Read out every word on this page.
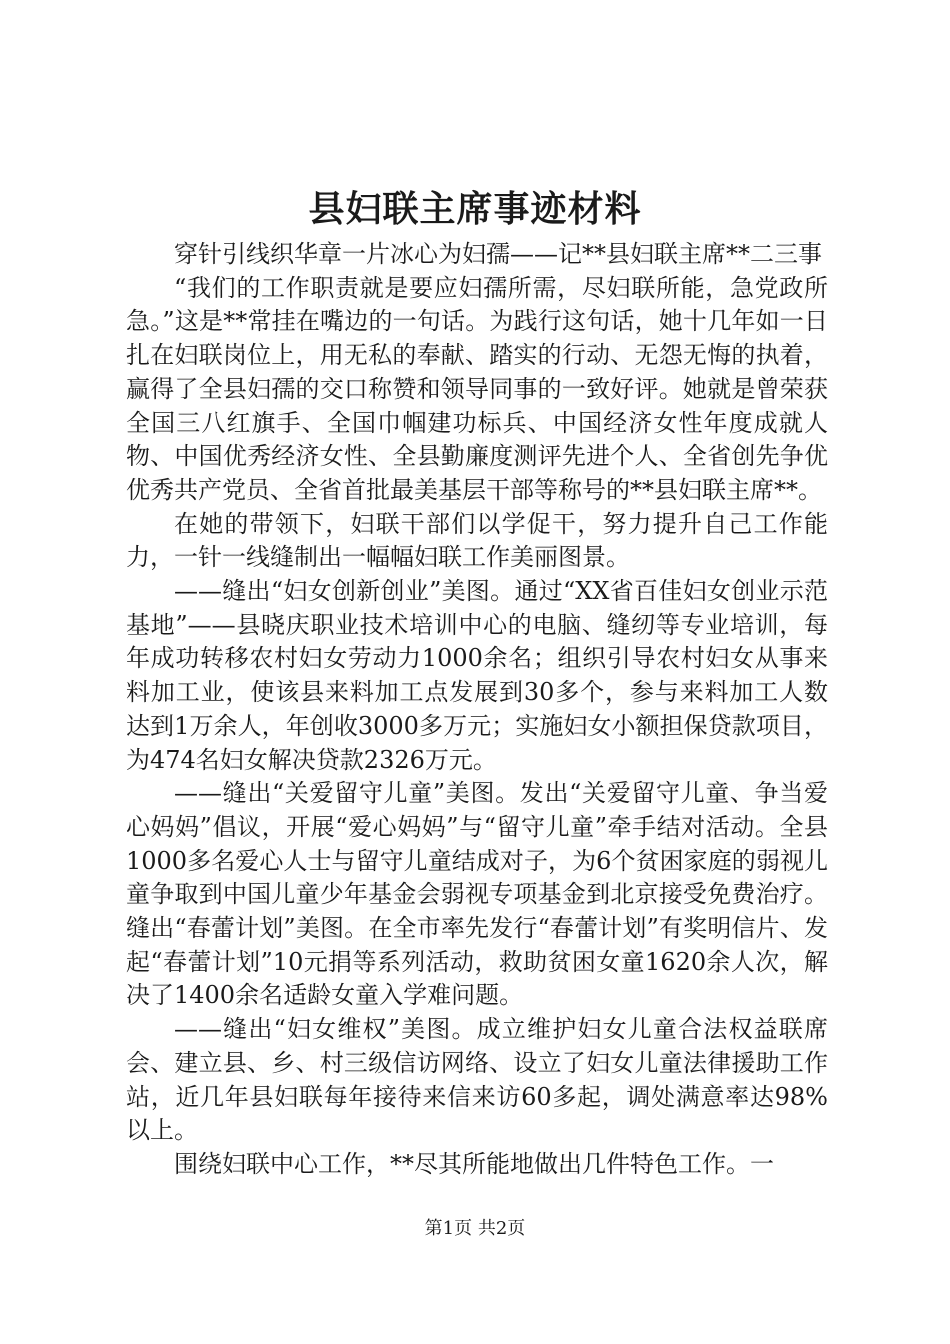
县妇联主席事迹材料

穿针引线织华章一片冰心为妇孺——记**县妇联主席**二三事

“我们的工作职责就是要应妇孺所需，尽妇联所能，急党政所急。”这是**常挂在嘴边的一句话。为践行这句话，她十几年如一日扎在妇联岗位上，用无私的奉献、踏实的行动、无怨无悔的执着，赢得了全县妇孺的交口称赞和领导同事的一致好评。她就是曾荣获全国三八红旗手、全国巾帼建功标兵、中国经济女性年度成就人物、中国优秀经济女性、全县勤廉度测评先进个人、全省创先争优优秀共产党员、全省首批最美基层干部等称号的**县妇联主席**。

在她的带领下，妇联干部们以学促干，努力提升自己工作能力，一针一线缝制出一幅幅妇联工作美丽图景。

——缝出“妇女创新创业”美图。通过“XX省百佳妇女创业示范基地”——县晓庆职业技术培训中心的电脑、缝纫等专业培训，每年成功转移农村妇女劳动力1000余名；组织引导农村妇女从事来料加工业，使该县来料加工点发展到30多个，参与来料加工人数达到1万余人，年创收3000多万元；实施妇女小额担保贷款项目，为474名妇女解决贷款2326万元。

——缝出“关爱留守儿童”美图。发出“关爱留守儿童、争当爱心妈妈”倡议，开展“爱心妈妈”与“留守儿童”牵手结对活动。全县1000多名爱心人士与留守儿童结成对子，为6个贫困家庭的弱视儿童争取到中国儿童少年基金会弱视专项基金到北京接受免费治疗。缝出“春蕾计划”美图。在全市率先发行“春蕾计划”有奖明信片、发起“春蕾计划”10元捐等系列活动，救助贫困女童1620余人次，解决了1400余名适龄女童入学难问题。

——缝出“妇女维权”美图。成立维护妇女儿童合法权益联席会、建立县、乡、村三级信访网络、设立了妇女儿童法律援助工作站，近几年县妇联每年接待来信来访60多起，调处满意率达98%以上。

围绕妇联中心工作，**尽其所能地做出几件特色工作。一

第1页 共2页
